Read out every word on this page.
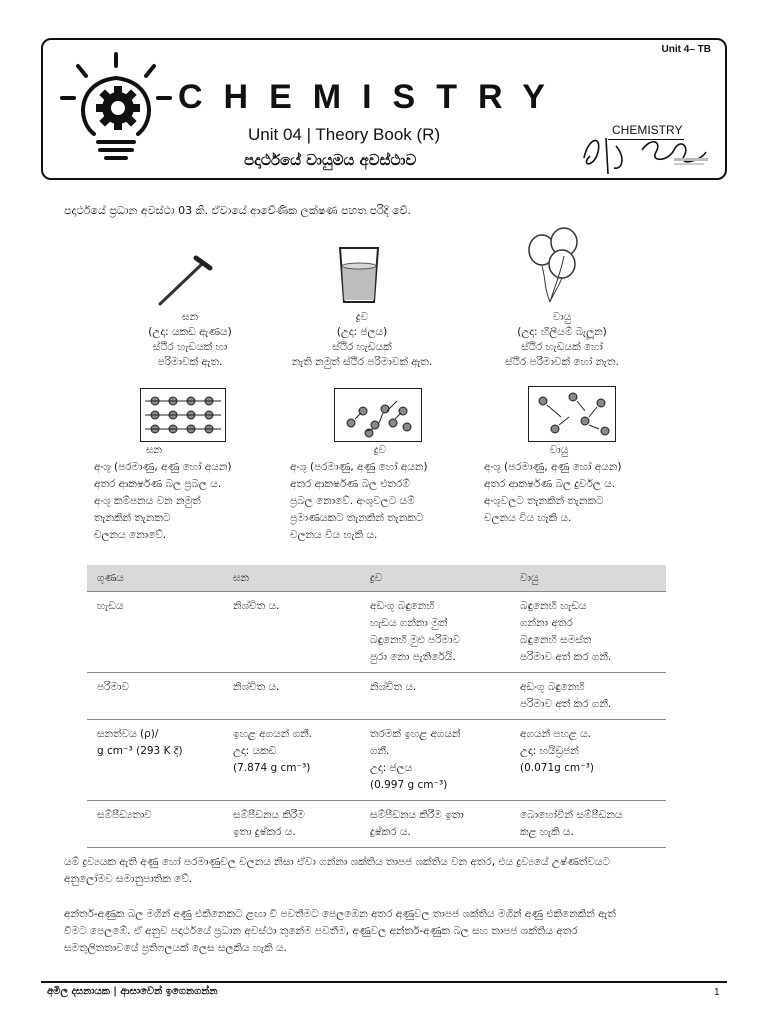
Unit 4– TB
CHEMISTRY
Unit 04 | Theory Book (R)
පදාර්ථයේ වායුමය අවස්ථාව
CHEMISTRY
පදාර්ථයේ ප්‍රධාන අවස්ථා 03 කි. ඒවායේ ආවේණික ලක්ෂණ පහත පරිදි වේ.
ඝන
(උදා: යකඩ ඇණය)
ස්ථිර හැඩයක් හා
පරිමාවක් ඇත.
ද්‍රව
(උදා: ජලය)
ස්ථිර හැඩයක්
නැති නමුත් ස්ථිර පරිමාවක් ඇත.
වායු
(උදා: හීලියම් බැලූන)
ස්ථිර හැඩයක් හෝ
ස්ථිර පරිමාවක් හෝ නැත.
ඝන
අංශු (පරමාණු, අණු හෝ අයන)
අතර ආකර්ෂණ බල ප්‍රබල ය.
අංශු කම්පනය වන නමුත්
තැනකින් තැනකට
චලනය නොවේ.
ද්‍රව
අංශු (පරමාණු, අණු හෝ අයන)
අතර ආකර්ෂණ බල එතරම්
ප්‍රබල නොවේ. අංශුවලට යම්
ප්‍රමාණයකට තැනකින් තැනකට
චලනය විය හැකි ය.
වායු
අංශු (පරමාණු, අණු හෝ අයන)
අතර ආකර්ෂණ බල දුර්වල ය.
අංශුවලට තැනකින් තැනකට
චලනය විය හැකි ය.
ගුණය	ඝන	ද්‍රව	වායු

හැඩය	නිශ්චිත ය.	අඩංගු බඳුනෙහි
හැඩය ගන්නා මුත්
බඳුනෙහි මුළු පරිමාව
පුරා නො පැතිරේයි.	බඳුනෙහි හැඩය
ගන්නා අතර
බඳුනෙහි සමස්ත
පරිමාව අත් කර ගනී.

පරිමාව	නිශ්චිත ය.	නිශ්චිත ය.	අඩංගු බඳුනෙහි
පරිමාව අත් කර ගනී.

සනත්වය (ρ)/
g cm⁻³ (293 K දී)	ඉහළ අගයන් ගනී.
උදා: යකඩ
(7.874 g cm⁻³)	තරමක් ඉහළ අගයන්
ගනී.
උදා: ජලය
(0.997 g cm⁻³)	අගයන් පහළ ය.
උදා: හයිඩ්‍රජන්
(0.071g cm⁻³)

සම්පීඩ්‍යතාව	සම්පීඩනය කිරීම
ඉතා දුෂ්කර ය.	සම්පීඩනය කිරීම ඉතා
දුෂ්කර ය.	බොහෝවින් සම්පීඩනය
කළ හැකි ය.
යම් ද්‍රව්‍යයක ඇති අණු හෝ පරමාණුවල චලනය නිසා ඒවා ගන්නා ශක්තිය තාපජ ශක්තිය වන අතර, එය ද්‍රව්‍යයේ උෂ්ණත්වයට
අනුලෝමව සමානුපාතික වේ.
අන්තර්-අණුක බල මගින් අණු එකිනෙකට ළඟා වී පවතීමට පෙලඹෙන අතර අණුවල තාපජ ශක්තිය මගින් අණු එකිනෙකින් ඇත්
වීමට පෙලඹේ. ඒ අනුව පදාර්ථයේ ප්‍රධාන අවස්ථා තුනේම පවතීම, අණුවල අන්තර්-අණුක බල සහ තාපජ ශක්තිය අතර
සමතුලිතතාවයේ ප්‍රතිෆලයක් ලෙස සලකිය හැකි ය.
අමිල දසනායක | ආසාවෙන් ඉගෙනගන්න	1
